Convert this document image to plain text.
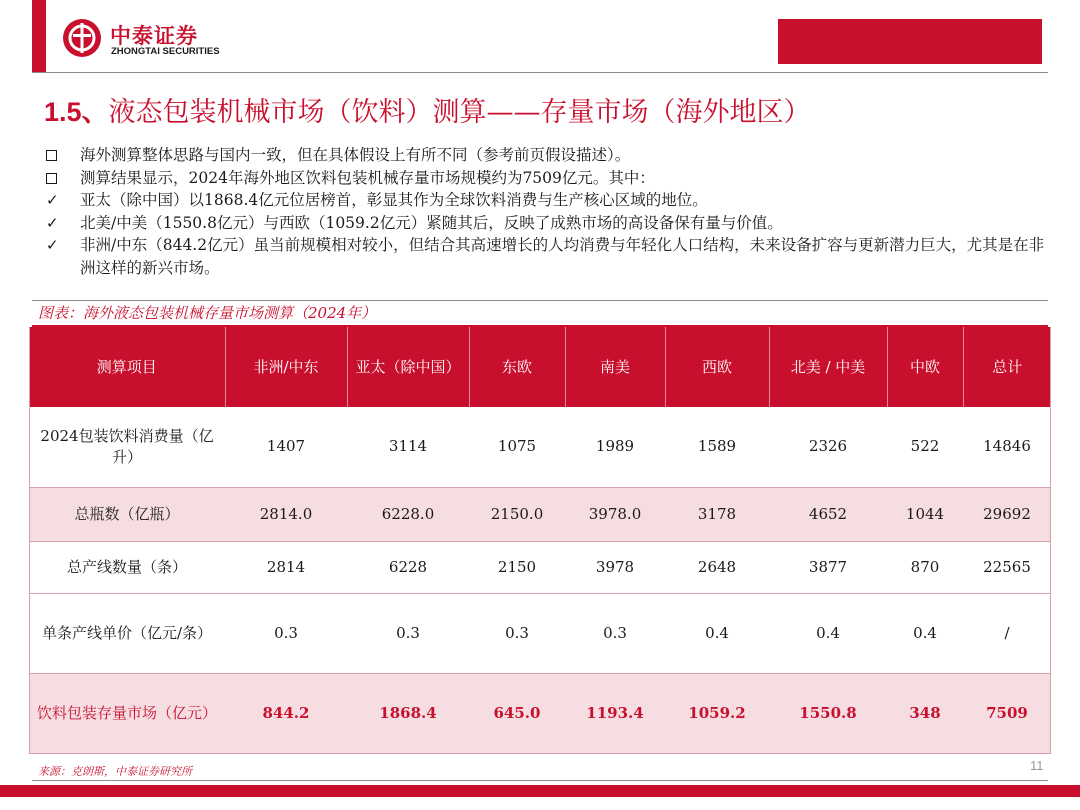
中泰证券
ZHONGTAI SECURITIES
1.5、液态包装机械市场（饮料）测算——存量市场（海外地区）
海外测算整体思路与国内一致，但在具体假设上有所不同（参考前页假设描述）。
测算结果显示，2024年海外地区饮料包装机械存量市场规模约为7509亿元。其中：
✓	亚太（除中国）以1868.4亿元位居榜首，彰显其作为全球饮料消费与生产核心区域的地位。
✓	北美/中美（1550.8亿元）与西欧（1059.2亿元）紧随其后，反映了成熟市场的高设备保有量与价值。
✓	非洲/中东（844.2亿元）虽当前规模相对较小，但结合其高速增长的人均消费与年轻化人口结构，未来设备扩容与更新潜力巨大，尤其是在非洲这样的新兴市场。
图表：海外液态包装机械存量市场测算（2024年）
测算项目	非洲/中东	亚太（除中国）	东欧	南美	西欧	北美 / 中美	中欧	总计
2024包装饮料消费量（亿升）	1407	3114	1075	1989	1589	2326	522	14846
总瓶数（亿瓶）	2814.0	6228.0	2150.0	3978.0	3178	4652	1044	29692
总产线数量（条）	2814	6228	2150	3978	2648	3877	870	22565
单条产线单价（亿元/条）	0.3	0.3	0.3	0.3	0.4	0.4	0.4	/
饮料包装存量市场（亿元）	844.2	1868.4	645.0	1193.4	1059.2	1550.8	348	7509
来源：克朗斯，中泰证券研究所	11
